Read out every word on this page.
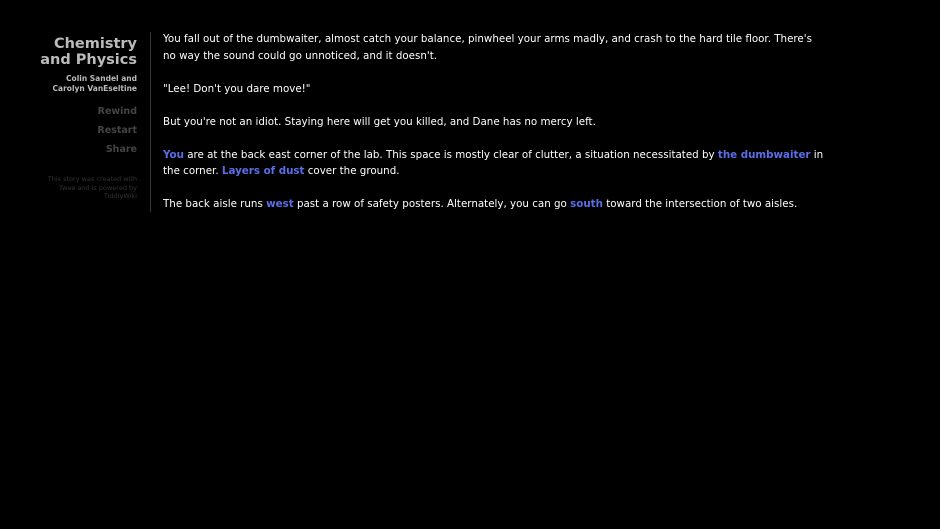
Chemistry
and Physics
Colin Sandel and
Carolyn VanEseltine
Rewind
Restart
Share
This story was created with
Twee and is powered by
TiddlyWiki

You fall out of the dumbwaiter, almost catch your balance, pinwheel your arms madly, and crash to the hard tile floor. There's no way the sound could go unnoticed, and it doesn't.

"Lee! Don't you dare move!"

But you're not an idiot. Staying here will get you killed, and Dane has no mercy left.

You are at the back east corner of the lab. This space is mostly clear of clutter, a situation necessitated by the dumbwaiter in the corner. Layers of dust cover the ground.

The back aisle runs west past a row of safety posters. Alternately, you can go south toward the intersection of two aisles.
